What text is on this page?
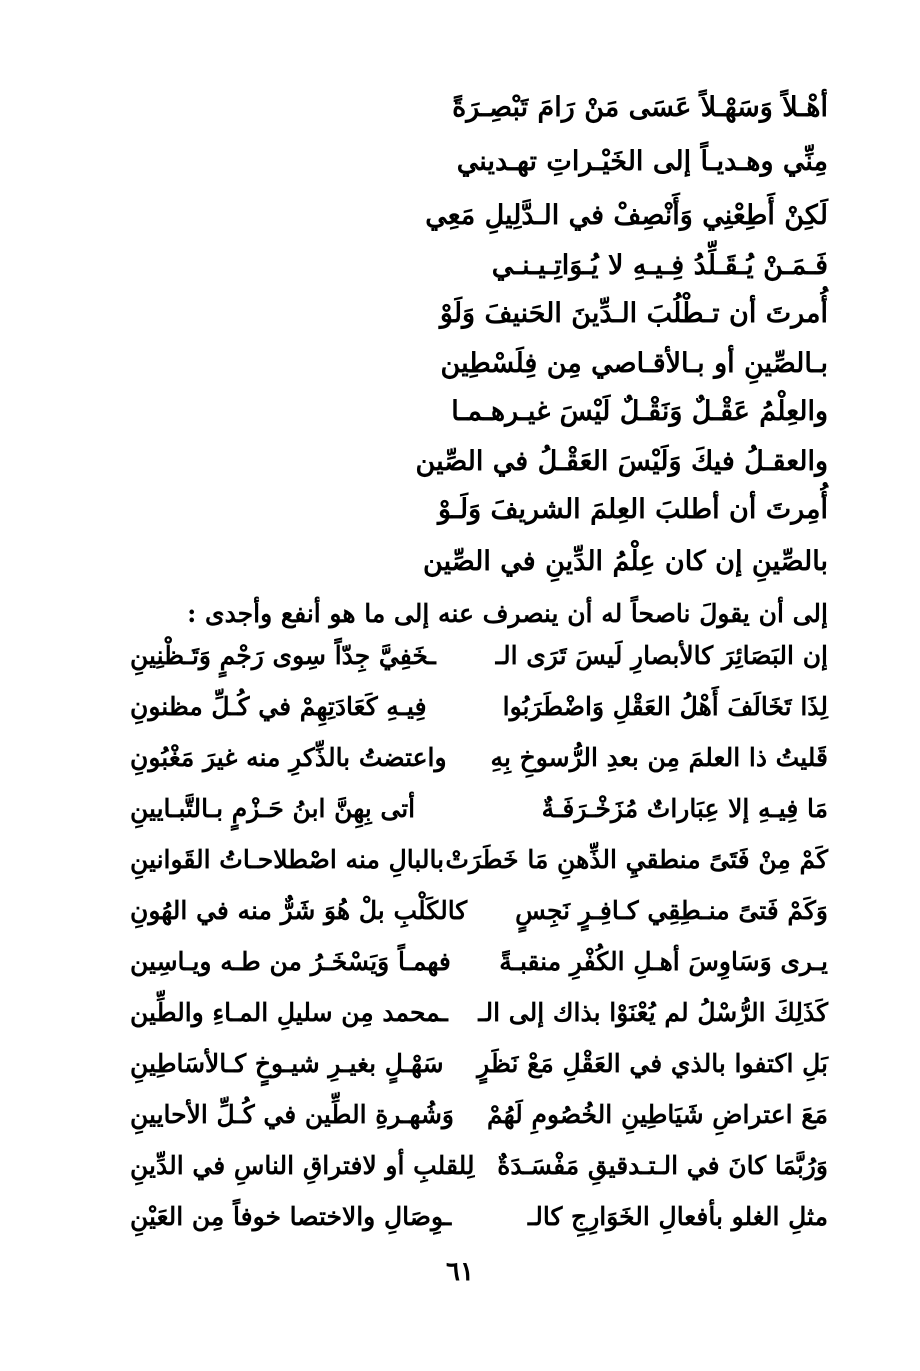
أهْـلاً وَسَهْـلاً عَسَى مَنْ رَامَ تَبْصِـرَةً
مِنِّي وهـديـاً إلى الخَيْـراتِ تهـديني
لَكِنْ أَطِعْنِي وَأَنْصِفْ في الـدَّلِيلِ مَعِي
فَـمَـنْ يُـقَـلِّدُ فِـيـهِ لا يُـوَاتِـيـنـي
أُمرتَ أن تـطْلُبَ الـدِّينَ الحَنيفَ وَلَوْ
بـالصِّينِ أو بـالأقـاصي مِن فِلَسْطِين
والعِلْمُ عَقْـلٌ وَنَقْـلٌ لَيْسَ غيـرهـمـا
والعقـلُ فيكَ وَلَيْسَ العَقْـلُ في الصِّين
أُمِرتَ أن أطلبَ العِلمَ الشريفَ وَلَـوْ
بالصِّينِ إن كان عِلْمُ الدِّينِ في الصِّين
إلى أن يقولَ ناصحاً له أن ينصرف عنه إلى ما هو أنفع وأجدى :
إن البَصَائِرَ كالأبصارِ لَيسَ تَرَى الـ
ـخَفِيَّ جِدّاً سِوى رَجْمٍ وَتَـظْنِينِ
لِذَا تَخَالَفَ أَهْلُ العَقْلِ وَاضْطَرَبُوا
فِيـهِ كَعَادَتِهِمْ في كُـلِّ مظنونِ
قَليتُ ذا العلمَ مِن بعدِ الرُّسوخِ بِهِ
واعتضتُ بالذِّكرِ منه غيرَ مَغْبُونِ
مَا فِيـهِ إلا عِبَاراتٌ مُزَخْـرَفَـةٌ
أتى بِهِنَّ ابنُ حَـزْمٍ بـالتَّبـايينِ
كَمْ مِنْ فَتَىً منطقيِ الذِّهنِ مَا خَطَرَتْ
بالبالِ منه اصْطلاحـاتُ القَوانينِ
وَكَمْ فَتىً منـطِقِي كـافِـرٍ نَجِسٍ
كالكَلْبِ بلْ هُوَ شَرٌّ منه في الهُونِ
يـرى وَسَاوِسَ أهـلِ الكُفْرِ منقبـةً
فهمـاً وَيَسْخَـرُ من طـه ويـاسِين
كَذَلِكَ الرُّسْلُ لم يُعْنَوْا بذاك إلى الـ
ـمحمد مِن سليلِ المـاءِ والطِّين
بَلِ اكتفوا بالذي في العَقْلِ مَعْ نَظَرٍ
سَهْـلٍ بغيـرِ شيـوخٍ كـالأسَاطِينِ
مَعَ اعتراضِ شَيَاطِينِ الخُصُومِ لَهُمْ
وَشُهـرةِ الطِّين في كُـلِّ الأحايينِ
وَرُبَّمَا كانَ في الـتـدقيقِ مَفْسَـدَةٌ
لِلقلبِ أو لافتراقِ الناسِ في الدِّينِ
مثلِ الغلو بأفعالِ الخَوَارِجِ كالـ
ـوِصَالِ والاختصا خوفاً مِن العَيْنِ
٦١
